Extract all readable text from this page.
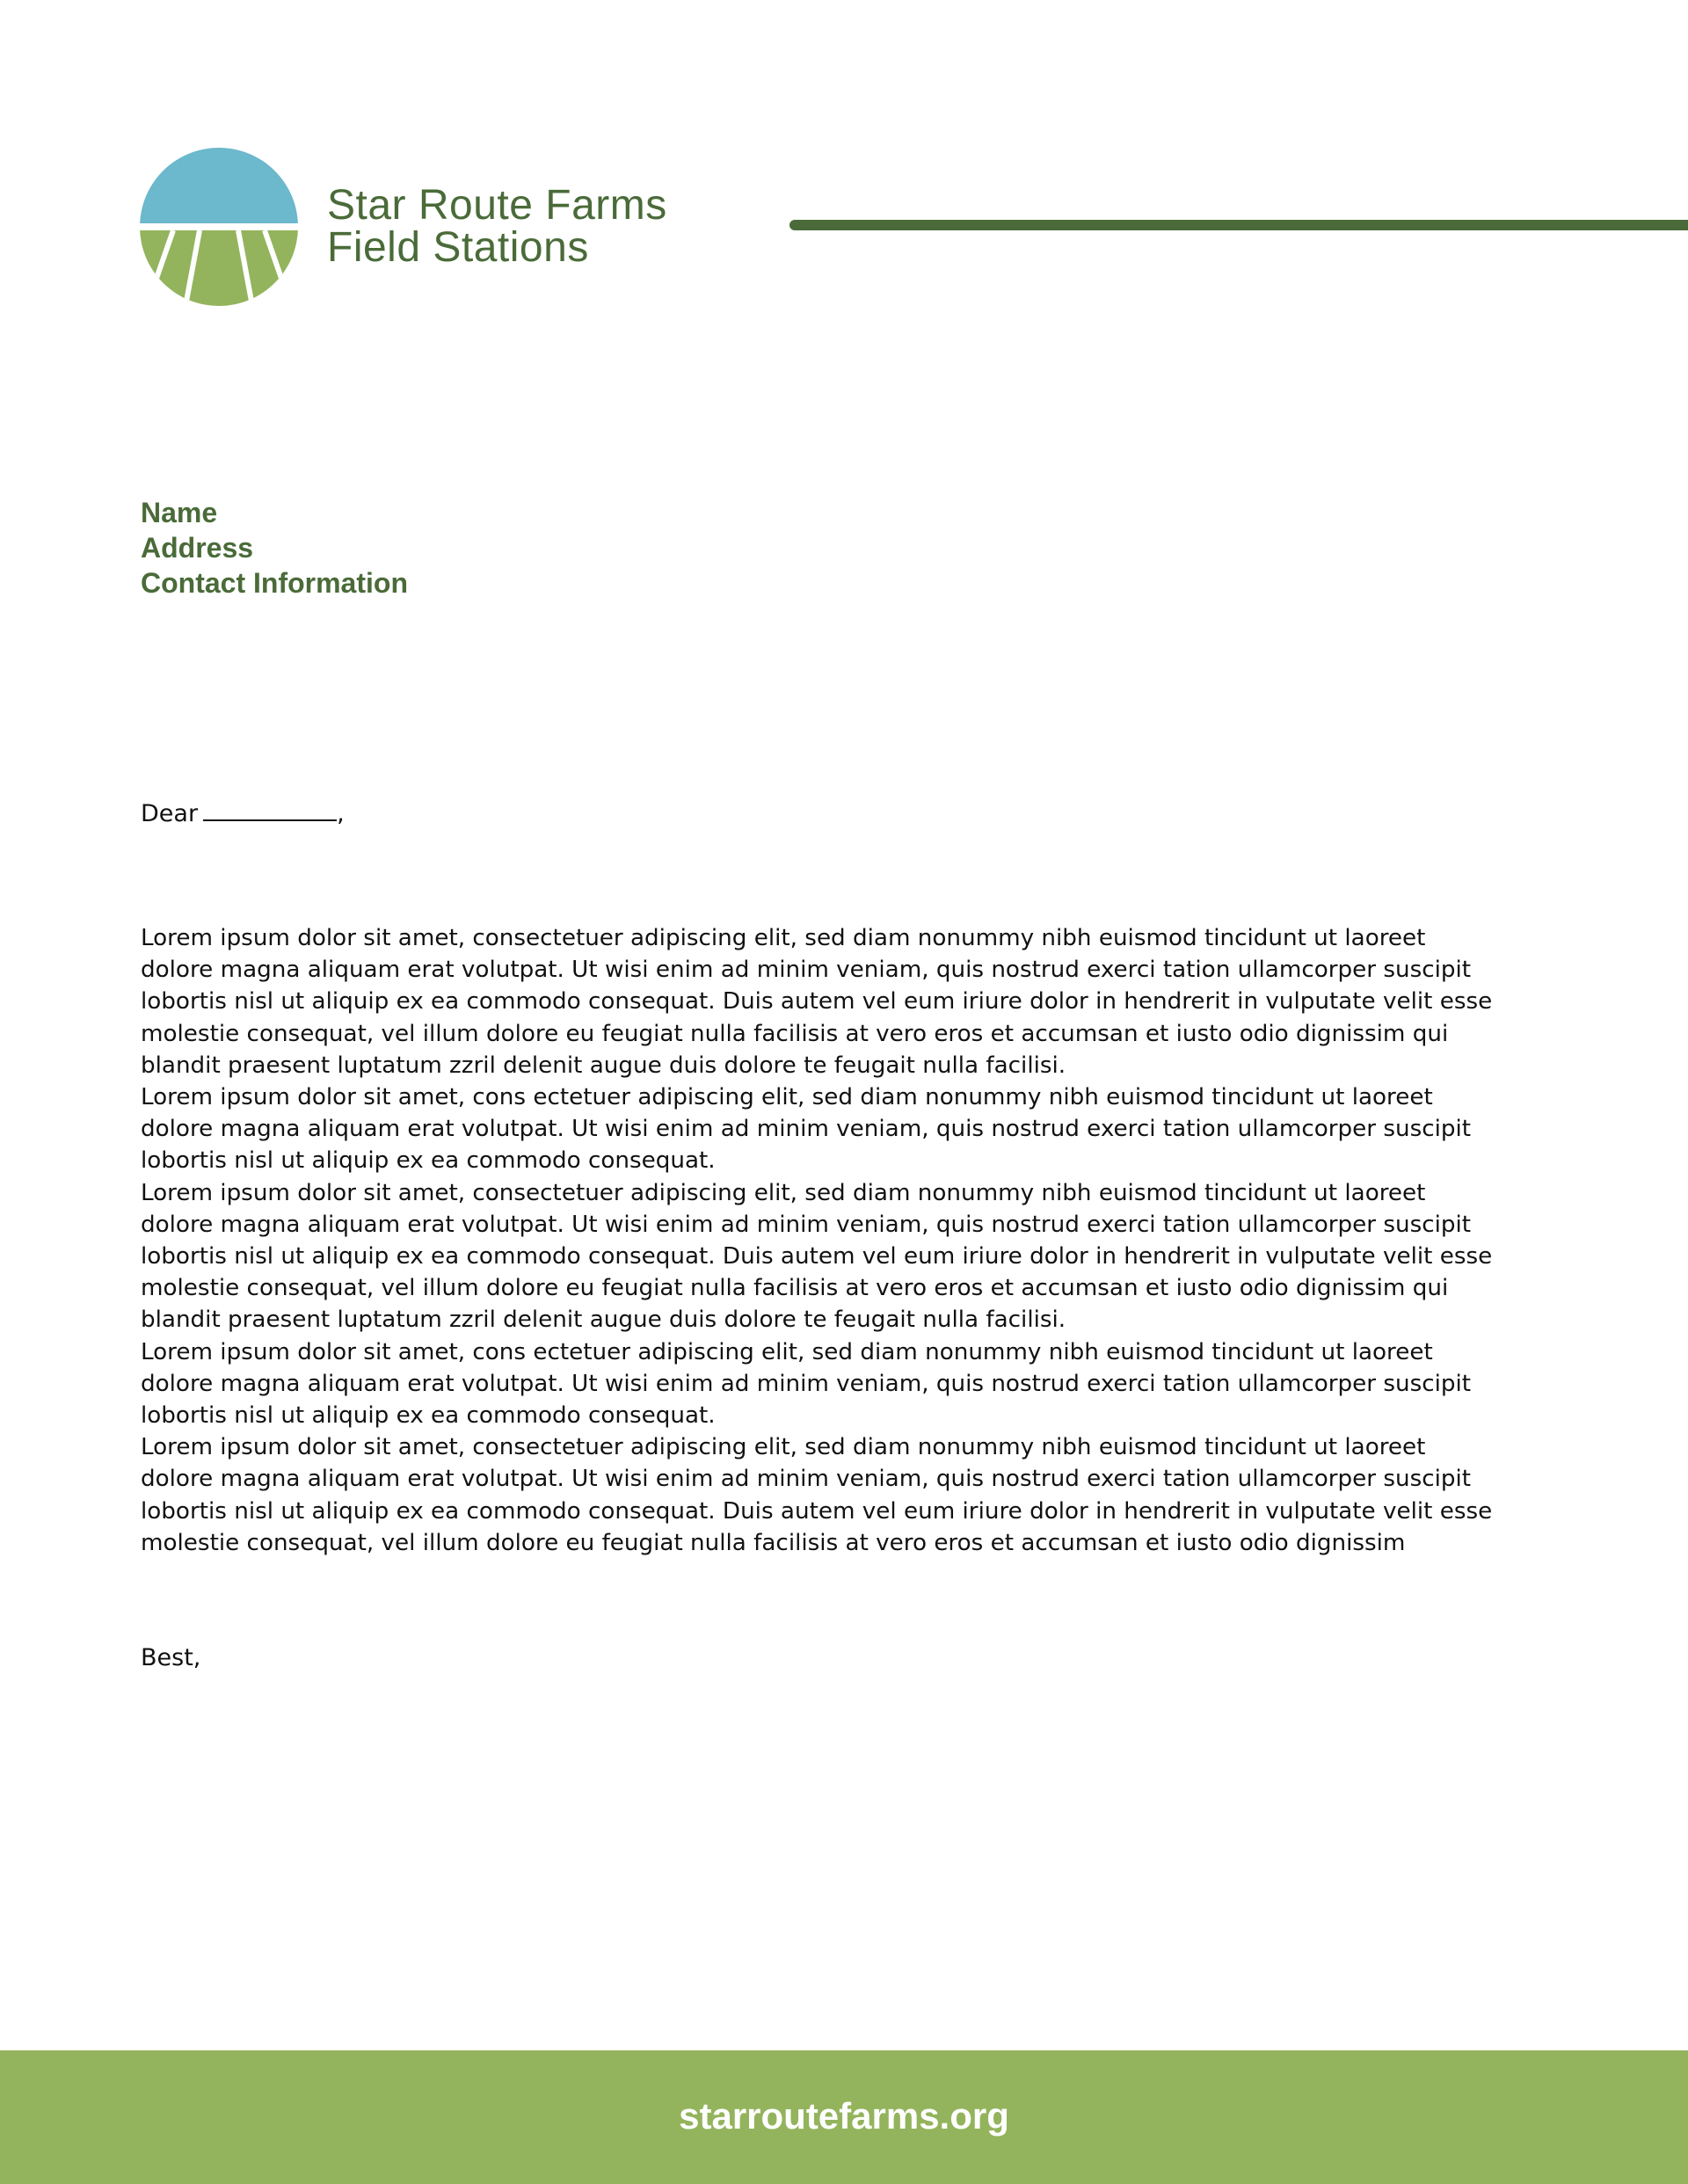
Star Route Farms
Field Stations
Name
Address
Contact Information
Dear	,

Lorem ipsum dolor sit amet, consectetuer adipiscing elit, sed diam nonummy nibh euismod tincidunt ut laoreet dolore magna aliquam erat volutpat. Ut wisi enim ad minim veniam, quis nostrud exerci tation ullamcorper suscipit lobortis nisl ut aliquip ex ea commodo consequat. Duis autem vel eum iriure dolor in hendrerit in vulputate velit esse molestie consequat, vel illum dolore eu feugiat nulla facilisis at vero eros et accumsan et iusto odio dignissim qui blandit praesent luptatum zzril delenit augue duis dolore te feugait nulla facilisi.

Lorem ipsum dolor sit amet, cons ectetuer adipiscing elit, sed diam nonummy nibh euismod tincidunt ut laoreet dolore magna aliquam erat volutpat. Ut wisi enim ad minim veniam, quis nostrud exerci tation ullamcorper suscipit lobortis nisl ut aliquip ex ea commodo consequat.

Lorem ipsum dolor sit amet, consectetuer adipiscing elit, sed diam nonummy nibh euismod tincidunt ut laoreet dolore magna aliquam erat volutpat. Ut wisi enim ad minim veniam, quis nostrud exerci tation ullamcorper suscipit lobortis nisl ut aliquip ex ea commodo consequat. Duis autem vel eum iriure dolor in hendrerit in vulputate velit esse molestie consequat, vel illum dolore eu feugiat nulla facilisis at vero eros et accumsan et iusto odio dignissim qui blandit praesent luptatum zzril delenit augue duis dolore te feugait nulla facilisi.

Lorem ipsum dolor sit amet, cons ectetuer adipiscing elit, sed diam nonummy nibh euismod tincidunt ut laoreet dolore magna aliquam erat volutpat. Ut wisi enim ad minim veniam, quis nostrud exerci tation ullamcorper suscipit lobortis nisl ut aliquip ex ea commodo consequat.

Lorem ipsum dolor sit amet, consectetuer adipiscing elit, sed diam nonummy nibh euismod tincidunt ut laoreet dolore magna aliquam erat volutpat. Ut wisi enim ad minim veniam, quis nostrud exerci tation ullamcorper suscipit lobortis nisl ut aliquip ex ea commodo consequat. Duis autem vel eum iriure dolor in hendrerit in vulputate velit esse molestie consequat, vel illum dolore eu feugiat nulla facilisis at vero eros et accumsan et iusto odio dignissim

Best,
starroutefarms.org
